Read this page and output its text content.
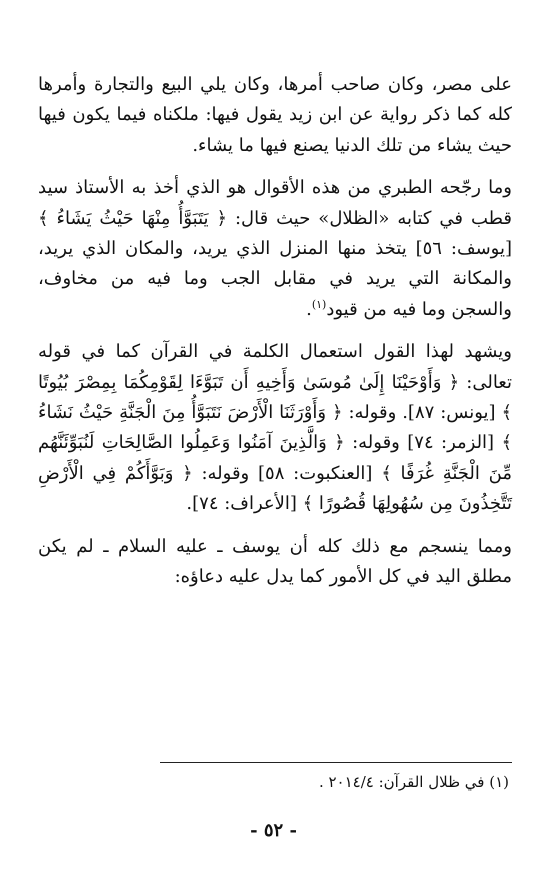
على مصر، وكان صاحب أمرها، وكان يلي البيع والتجارة وأمرها كله كما ذكر رواية عن ابن زيد يقول فيها: ملكناه فيما يكون فيها حيث يشاء من تلك الدنيا يصنع فيها ما يشاء.

وما رجّحه الطبري من هذه الأقوال هو الذي أخذ به الأستاذ سيد قطب في كتابه «الظلال» حيث قال: ﴿ يَتَبَوَّأُ مِنْهَا حَيْثُ يَشَاءُ ﴾ [يوسف: ٥٦] يتخذ منها المنزل الذي يريد، والمكان الذي يريد، والمكانة التي يريد في مقابل الجب وما فيه من مخاوف، والسجن وما فيه من قيود$^{(١)}$.

ويشهد لهذا القول استعمال الكلمة في القرآن كما في قوله تعالى: ﴿ وَأَوْحَيْنَا إِلَىٰ مُوسَىٰ وَأَخِيهِ أَن تَبَوَّءَا لِقَوْمِكُمَا بِمِصْرَ بُيُوتًا ﴾ [يونس: ٨٧]. وقوله: ﴿ وَأَوْرَثَنَا الْأَرْضَ نَتَبَوَّأُ مِنَ الْجَنَّةِ حَيْثُ نَشَاءُ ﴾ [الزمر: ٧٤] وقوله: ﴿ وَالَّذِينَ آمَنُوا وَعَمِلُوا الصَّالِحَاتِ لَنُبَوِّئَنَّهُم مِّنَ الْجَنَّةِ غُرَفًا ﴾ [العنكبوت: ٥٨] وقوله: ﴿ وَبَوَّأَكُمْ فِي الْأَرْضِ تَتَّخِذُونَ مِن سُهُولِهَا قُصُورًا ﴾ [الأعراف: ٧٤].

ومما ينسجم مع ذلك كله أن يوسف ـ عليه السلام ـ لم يكن مطلق اليد في كل الأمور كما يدل عليه دعاؤه:

(١) في ظلال القرآن: ٢٠١٤/٤ .
- ٥٢ -
